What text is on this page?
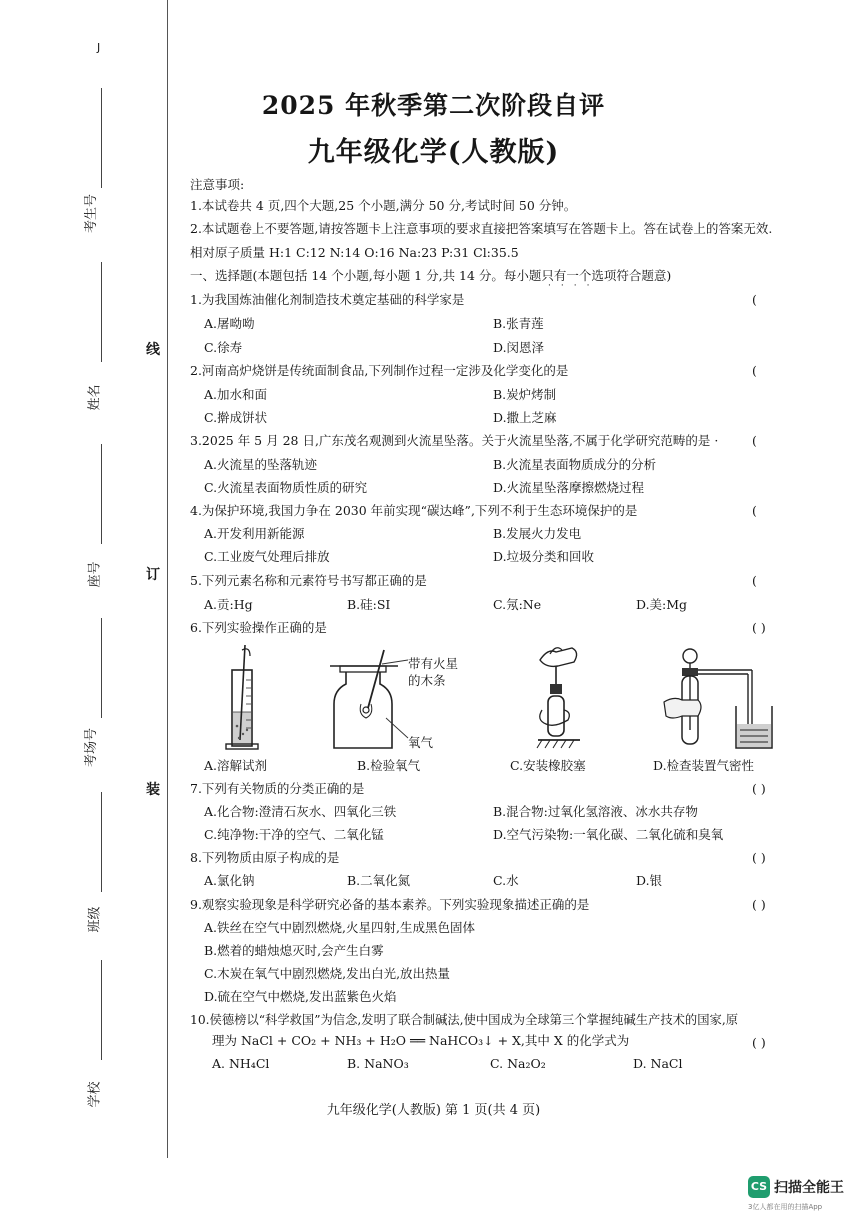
J
考生号
姓名
座号
考场号
班级
学校
线
订
装
2025 年秋季第二次阶段自评
九年级化学(人教版)
注意事项:
1.本试卷共 4 页,四个大题,25 个小题,满分 50 分,考试时间 50 分钟。
2.本试题卷上不要答题,请按答题卡上注意事项的要求直接把答案填写在答题卡上。答在试卷上的答案无效.
相对原子质量 H:1 C:12 N:14 O:16 Na:23 P:31 Cl:35.5
一、选择题(本题包括 14 个小题,每小题 1 分,共 14 分。每小题只有一个选项符合题意)
····
1.为我国炼油催化剂制造技术奠定基础的科学家是	(
A.屠呦呦	B.张青莲
C.徐寿	D.闵恩泽
2.河南高炉烧饼是传统面制食品,下列制作过程一定涉及化学变化的是	(
A.加水和面	B.炭炉烤制
C.擀成饼状	D.撒上芝麻
3.2025 年 5 月 28 日,广东茂名观测到火流星坠落。关于火流星坠落,不属于化学研究范畴的是 ·	(
A.火流星的坠落轨迹	B.火流星表面物质成分的分析
C.火流星表面物质性质的研究	D.火流星坠落摩擦燃烧过程
4.为保护环境,我国力争在 2030 年前实现“碳达峰”,下列不利于生态环境保护的是	(
A.开发利用新能源	B.发展火力发电
C.工业废气处理后排放	D.垃圾分类和回收
5.下列元素名称和元素符号书写都正确的是	(
A.贡:Hg	B.硅:SI	C.氖:Ne	D.美:Mg
6.下列实验操作正确的是	( )
带有火星
的木条
氧气
A.溶解试剂	B.检验氧气	C.安装橡胶塞	D.检查装置气密性
7.下列有关物质的分类正确的是	( )
A.化合物:澄清石灰水、四氧化三铁	B.混合物:过氧化氢溶液、冰水共存物
C.纯净物:干净的空气、二氧化锰	D.空气污染物:一氧化碳、二氧化硫和臭氧
8.下列物质由原子构成的是	( )
A.氯化钠	B.二氧化氮	C.水	D.银
9.观察实验现象是科学研究必备的基本素养。下列实验现象描述正确的是	( )
A.铁丝在空气中剧烈燃烧,火星四射,生成黑色固体
B.燃着的蜡烛熄灭时,会产生白雾
C.木炭在氧气中剧烈燃烧,发出白光,放出热量
D.硫在空气中燃烧,发出蓝紫色火焰
10.侯德榜以“科学救国”为信念,发明了联合制碱法,使中国成为全球第三个掌握纯碱生产技术的国家,原
理为 NaCl + CO₂ + NH₃ + H₂O ══ NaHCO₃↓ + X,其中 X 的化学式为	( )
A. NH₄Cl	B. NaNO₃	C. Na₂O₂	D. NaCl
九年级化学(人教版) 第 1 页(共 4 页)
CS 扫描全能王
3亿人都在用的扫描App
